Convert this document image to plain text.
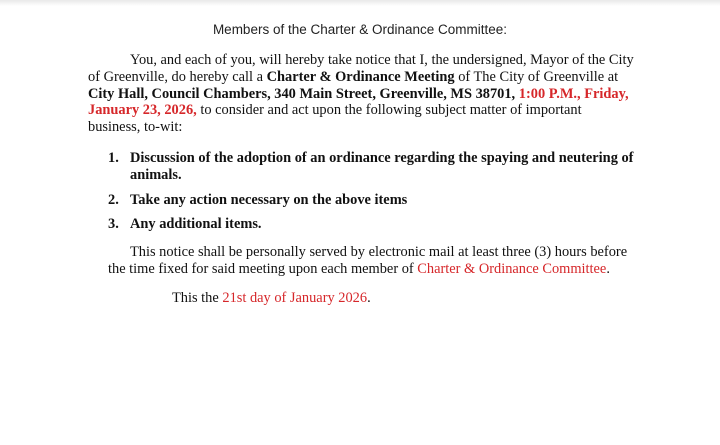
Members of the Charter & Ordinance Committee:

You, and each of you, will hereby take notice that I, the undersigned, Mayor of the City of Greenville, do hereby call a Charter & Ordinance Meeting of The City of Greenville at City Hall, Council Chambers, 340 Main Street, Greenville, MS 38701, 1:00 P.M., Friday, January 23, 2026, to consider and act upon the following subject matter of important business, to-wit:

1. Discussion of the adoption of an ordinance regarding the spaying and neutering of animals.
2. Take any action necessary on the above items
3. Any additional items.

This notice shall be personally served by electronic mail at least three (3) hours before the time fixed for said meeting upon each member of Charter & Ordinance Committee.

This the 21st day of January 2026.
